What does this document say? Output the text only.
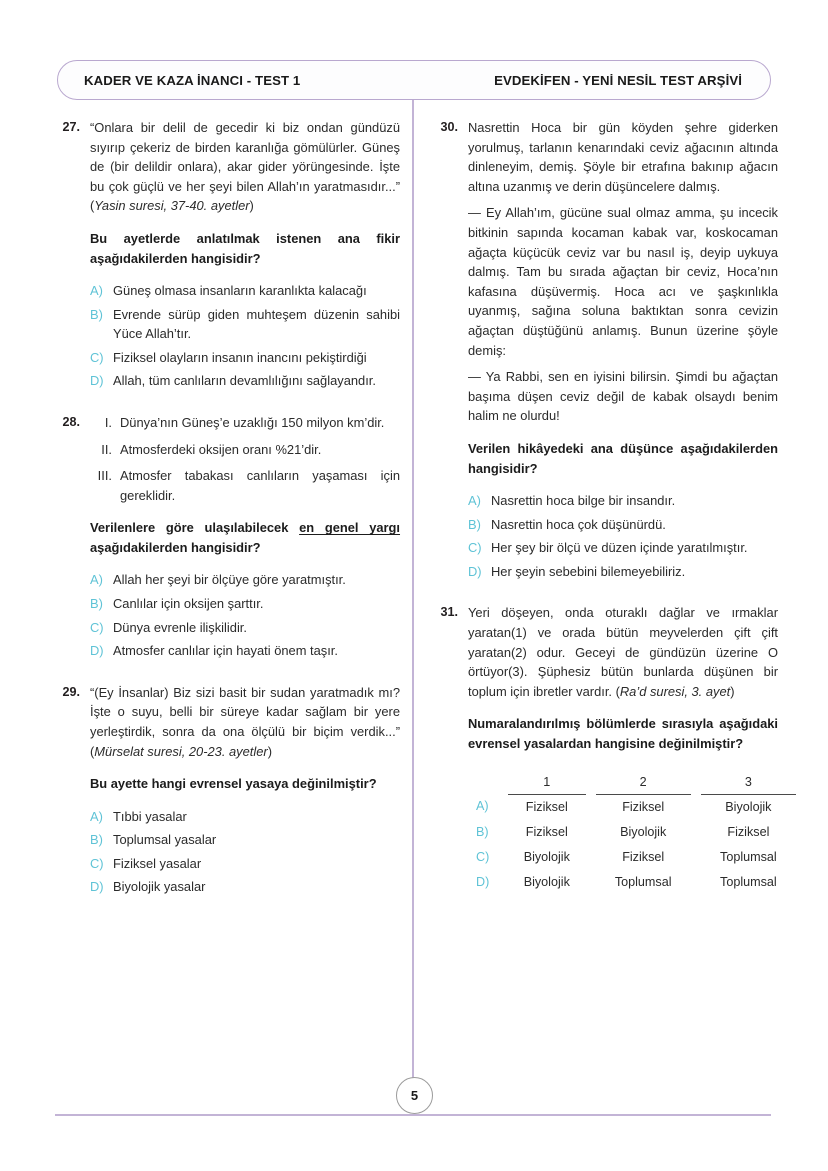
KADER VE KAZA İNANCI - TEST 1	EVDEKİFEN - YENİ NESİL TEST ARŞİVİ
27. “Onlara bir delil de gecedir ki biz ondan gündüzü sıyırıp çekeriz de birden karanlığa gömülürler. Güneş de (bir delildir onlara), akar gider yörüngesinde. İşte bu çok güçlü ve her şeyi bilen Allah’ın yaratmasıdır...” (Yasin suresi, 37-40. ayetler)

Bu ayetlerde anlatılmak istenen ana fikir aşağıdakilerden hangisidir?

A) Güneş olmasa insanların karanlıkta kalacağı
B) Evrende sürüp giden muhteşem düzenin sahibi Yüce Allah’tır.
C) Fiziksel olayların insanın inancını pekiştirdiği
D) Allah, tüm canlıların devamlılığını sağlayandır.
28.	I. Dünya’nın Güneş’e uzaklığı 150 milyon km’dir.
II. Atmosferdeki oksijen oranı %21’dir.
III. Atmosfer tabakası canlıların yaşaması için gereklidir.

Verilenlere göre ulaşılabilecek en genel yargı aşağıdakilerden hangisidir?

A) Allah her şeyi bir ölçüye göre yaratmıştır.
B) Canlılar için oksijen şarttır.
C) Dünya evrenle ilişkilidir.
D) Atmosfer canlılar için hayati önem taşır.
29. “(Ey İnsanlar) Biz sizi basit bir sudan yaratmadık mı? İşte o suyu, belli bir süreye kadar sağlam bir yere yerleştirdik, sonra da ona ölçülü bir biçim verdik...” (Mürselat suresi, 20-23. ayetler)

Bu ayette hangi evrensel yasaya değinilmiştir?

A) Tıbbi yasalar
B) Toplumsal yasalar
C) Fiziksel yasalar
D) Biyolojik yasalar
30. Nasrettin Hoca bir gün köyden şehre giderken yorulmuş, tarlanın kenarındaki ceviz ağacının altında dinleneyim, demiş. Şöyle bir etrafına bakınıp ağacın altına uzanmış ve derin düşüncelere dalmış.

— Ey Allah’ım, gücüne sual olmaz amma, şu incecik bitkinin sapında kocaman kabak var, koskocaman ağaçta küçücük ceviz var bu nasıl iş, deyip uykuya dalmış. Tam bu sırada ağaçtan bir ceviz, Hoca’nın kafasına düşüvermiş. Hoca acı ve şaşkınlıkla uyanmış, sağına soluna baktıktan sonra cevizin ağaçtan düştüğünü anlamış. Bunun üzerine şöyle demiş:

— Ya Rabbi, sen en iyisini bilirsin. Şimdi bu ağaçtan başıma düşen ceviz değil de kabak olsaydı benim halim ne olurdu!

Verilen hikâyedeki ana düşünce aşağıdakilerden hangisidir?

A) Nasrettin hoca bilge bir insandır.
B) Nasrettin hoca çok düşünürdü.
C) Her şey bir ölçü ve düzen içinde yaratılmıştır.
D) Her şeyin sebebini bilemeyebiliriz.
31. Yeri döşeyen, onda oturaklı dağlar ve ırmaklar yaratan(1) ve orada bütün meyvelerden çift çift yaratan(2) odur. Geceyi de gündüzün üzerine O örtüyor(3). Şüphesiz bütün bunlarda düşünen bir toplum için ibretler vardır. (Ra’d suresi, 3. ayet)

Numaralandırılmış bölümlerde sırasıyla aşağıdaki evrensel yasalardan hangisine değinilmiştir?

	1		2		3
A)	Fiziksel		Fiziksel		Biyolojik
B)	Fiziksel		Biyolojik		Fiziksel
C)	Biyolojik		Fiziksel		Toplumsal
D)	Biyolojik		Toplumsal		Toplumsal
5
